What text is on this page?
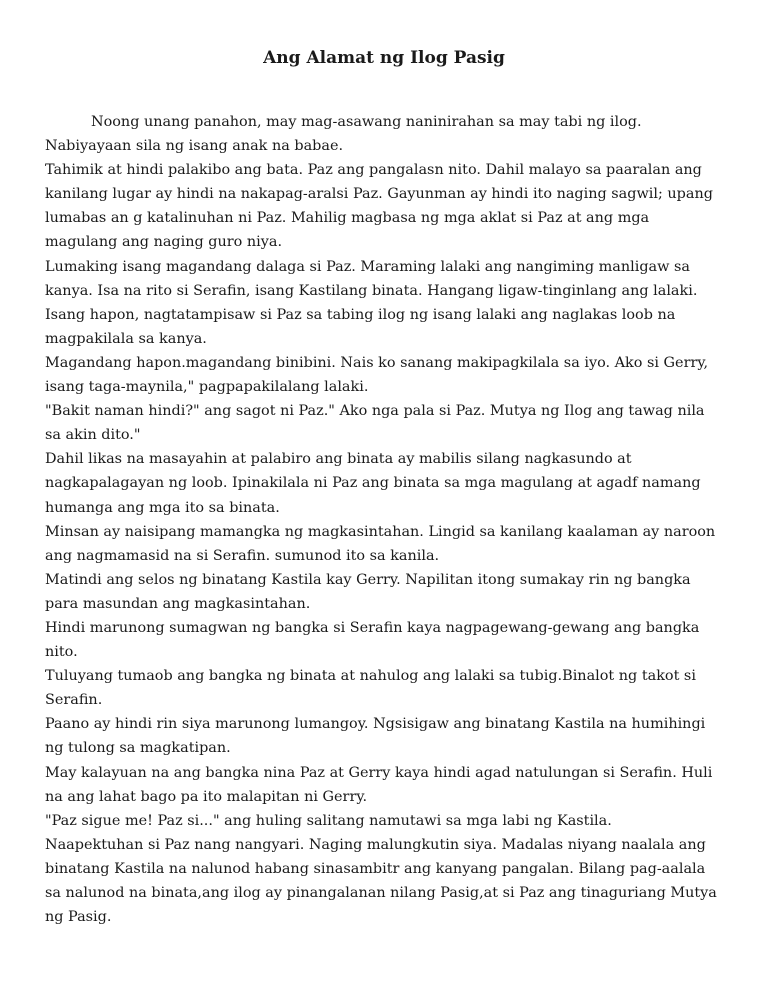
Ang Alamat ng Ilog Pasig

Noong unang panahon, may mag-asawang naninirahan sa may tabi ng ilog. Nabiyayaan sila ng isang anak na babae.

Tahimik at hindi palakibo ang bata. Paz ang pangalasn nito. Dahil malayo sa paaralan ang kanilang lugar ay hindi na nakapag-aralsi Paz. Gayunman ay hindi ito naging sagwil; upang lumabas an g katalinuhan ni Paz. Mahilig magbasa ng mga aklat si Paz at ang mga magulang ang naging guro niya.

Lumaking isang magandang dalaga si Paz. Maraming lalaki ang nangiming manligaw sa kanya. Isa na rito si Serafin, isang Kastilang binata. Hangang ligaw-tinginlang ang lalaki.

Isang hapon, nagtatampisaw si Paz sa tabing ilog ng isang lalaki ang naglakas loob na magpakilala sa kanya.

Magandang hapon.magandang binibini. Nais ko sanang makipagkilala sa iyo. Ako si Gerry, isang taga-maynila," pagpapakilalang lalaki.

"Bakit naman hindi?" ang sagot ni Paz." Ako nga pala si Paz. Mutya ng Ilog ang tawag nila sa akin dito."

Dahil likas na masayahin at palabiro ang binata ay mabilis silang nagkasundo at nagkapalagayan ng loob. Ipinakilala ni Paz ang binata sa mga magulang at agadf namang humanga ang mga ito sa binata.

Minsan ay naisipang mamangka ng magkasintahan. Lingid sa kanilang kaalaman ay naroon ang nagmamasid na si Serafin. sumunod ito sa kanila.

Matindi ang selos ng binatang Kastila kay Gerry. Napilitan itong sumakay rin ng bangka para masundan ang magkasintahan.

Hindi marunong sumagwan ng bangka si Serafin kaya nagpagewang-gewang ang bangka nito.

Tuluyang tumaob ang bangka ng binata at nahulog ang lalaki sa tubig.Binalot ng takot si Serafin.

Paano ay hindi rin siya marunong lumangoy. Ngsisigaw ang binatang Kastila na humihingi ng tulong sa magkatipan.

May kalayuan na ang bangka nina Paz at Gerry kaya hindi agad natulungan si Serafin. Huli na ang lahat bago pa ito malapitan ni Gerry.

"Paz sigue me! Paz si..." ang huling salitang namutawi sa mga labi ng Kastila.

Naapektuhan si Paz nang nangyari. Naging malungkutin siya. Madalas niyang naalala ang binatang Kastila na nalunod habang sinasambitr ang kanyang pangalan. Bilang pag-aalala sa nalunod na binata,ang ilog ay pinangalanan nilang Pasig,at si Paz ang tinaguriang Mutya ng Pasig.
